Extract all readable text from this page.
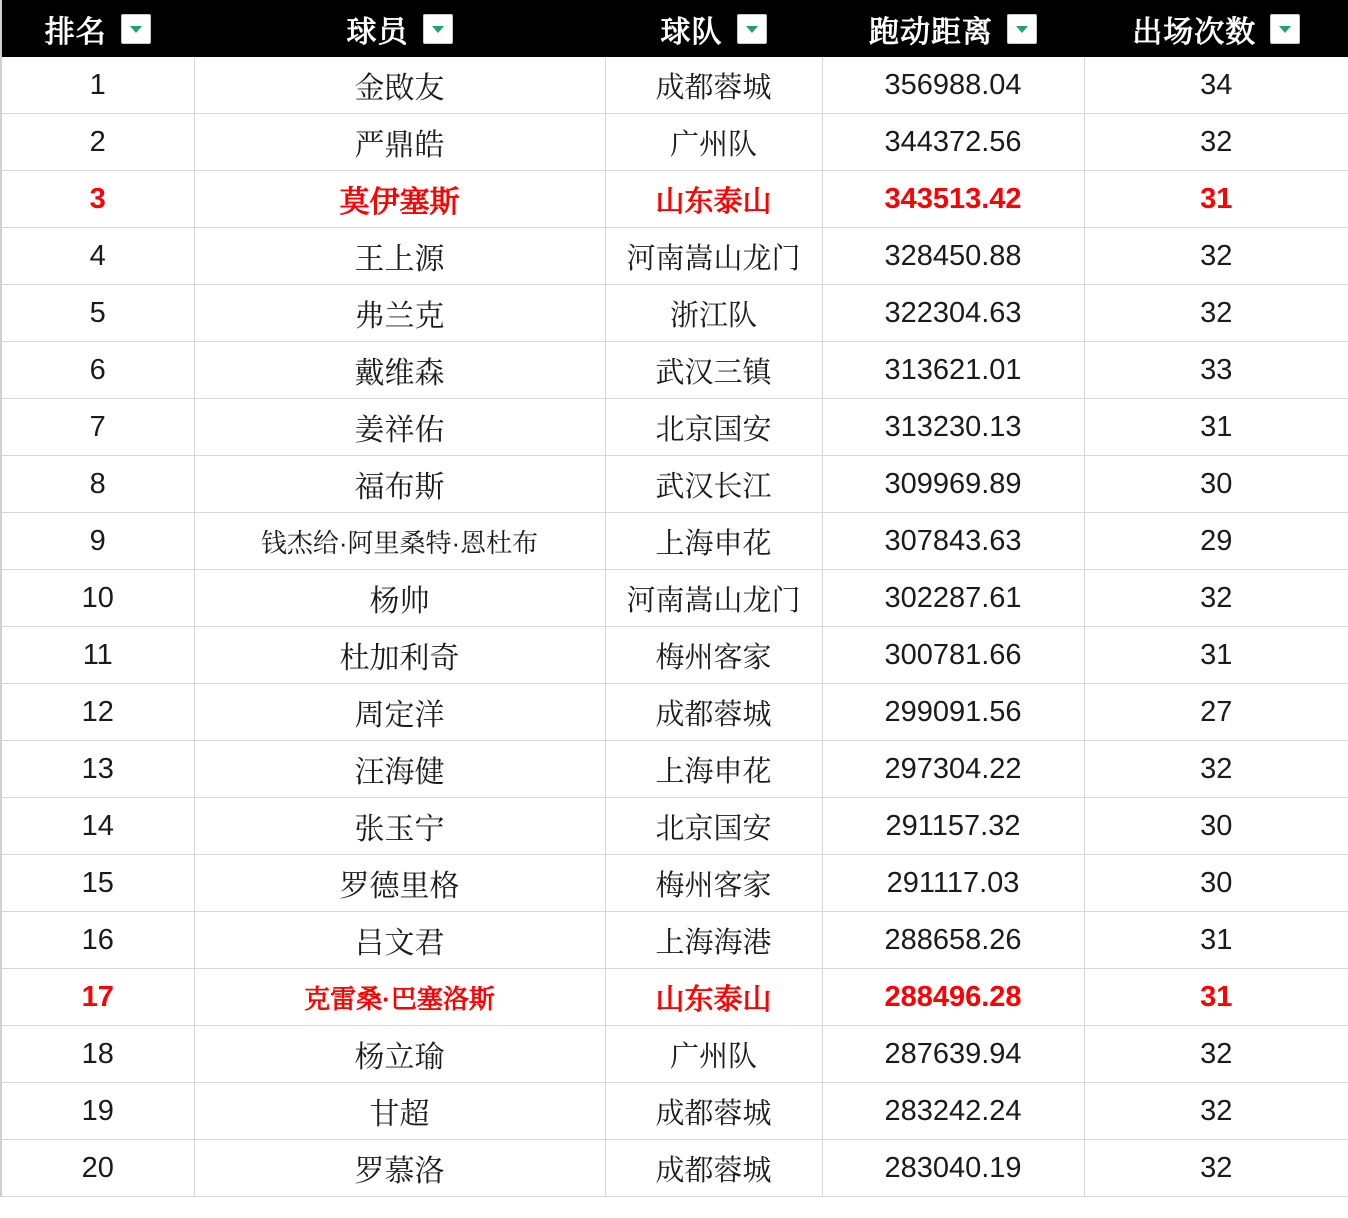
排名	球员	球队	跑动距离	出场次数

1	金敃友	成都蓉城	356988.04	34
2	严鼎皓	广州队	344372.56	32
3	莫伊塞斯	山东泰山	343513.42	31
4	王上源	河南嵩山龙门	328450.88	32
5	弗兰克	浙江队	322304.63	32
6	戴维森	武汉三镇	313621.01	33
7	姜祥佑	北京国安	313230.13	31
8	福布斯	武汉长江	309969.89	30
9	钱杰给·阿里桑特·恩杜布	上海申花	307843.63	29
10	杨帅	河南嵩山龙门	302287.61	32
11	杜加利奇	梅州客家	300781.66	31
12	周定洋	成都蓉城	299091.56	27
13	汪海健	上海申花	297304.22	32
14	张玉宁	北京国安	291157.32	30
15	罗德里格	梅州客家	291117.03	30
16	吕文君	上海海港	288658.26	31
17	克雷桑·巴塞洛斯	山东泰山	288496.28	31
18	杨立瑜	广州队	287639.94	32
19	甘超	成都蓉城	283242.24	32
20	罗慕洛	成都蓉城	283040.19	32
